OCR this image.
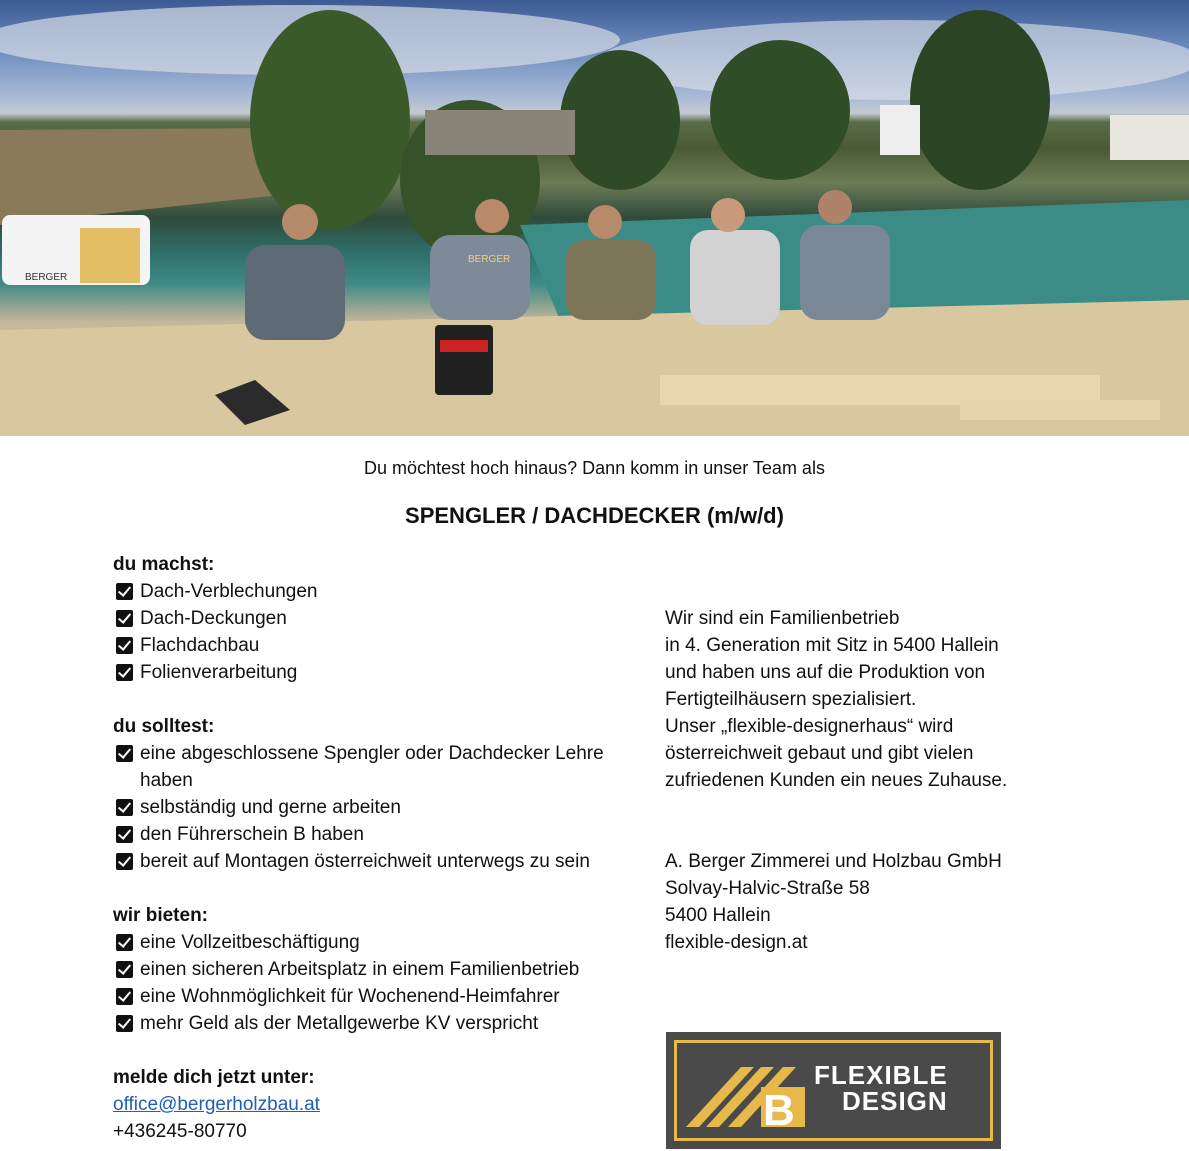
BERGER
BERGER
Du möchtest hoch hinaus? Dann komm in unser Team als
SPENGLER / DACHDECKER (m/w/d)
du machst:
Dach-Verblechungen
Dach-Deckungen
Flachdachbau
Folienverarbeitung
du solltest:
eine abgeschlossene Spengler oder Dachdecker Lehre haben
selbständig und gerne arbeiten
den Führerschein B haben
bereit auf Montagen österreichweit unterwegs zu sein
wir bieten:
eine Vollzeitbeschäftigung
einen sicheren Arbeitsplatz in einem Familienbetrieb
eine Wohnmöglichkeit für Wochenend-Heimfahrer
mehr Geld als der Metallgewerbe KV verspricht
melde dich jetzt unter:
office@bergerholzbau.at
+436245-80770
Wir sind ein Familienbetrieb
in 4. Generation mit Sitz in 5400 Hallein
und haben uns auf die Produktion von
Fertigteilhäusern spezialisiert.
Unser „flexible-designerhaus“ wird
österreichweit gebaut und gibt vielen
zufriedenen Kunden ein neues Zuhause.
A. Berger Zimmerei und Holzbau GmbH
Solvay-Halvic-Straße 58
5400 Hallein
flexible-design.at
B
FLEXIBLE
DESIGN
